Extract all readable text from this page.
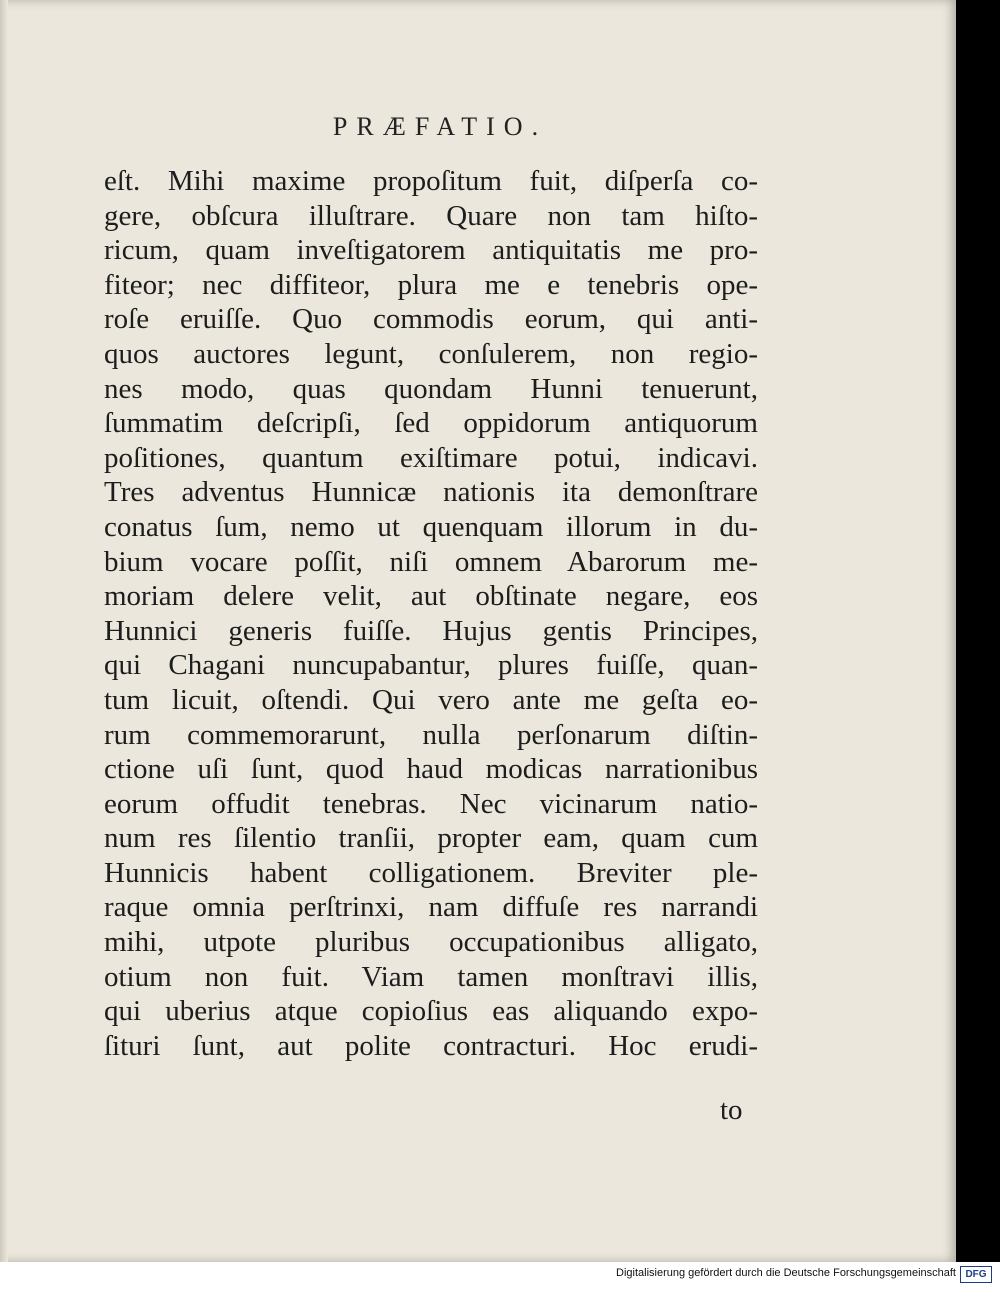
PRÆFATIO.
eſt. Mihi maxime propoſitum fuit, diſperſa co-
gere, obſcura illuſtrare. Quare non tam hiſto-
ricum, quam inveſtigatorem antiquitatis me pro-
fiteor; nec diffiteor, plura me e tenebris ope-
roſe eruiſſe. Quo commodis eorum, qui anti-
quos auctores legunt, conſulerem, non regio-
nes modo, quas quondam Hunni tenuerunt,
ſummatim deſcripſi, ſed oppidorum antiquorum
poſitiones, quantum exiſtimare potui, indicavi.
Tres adventus Hunnicæ nationis ita demonſtrare
conatus ſum, nemo ut quenquam illorum in du-
bium vocare poſſit, niſi omnem Abarorum me-
moriam delere velit, aut obſtinate negare, eos
Hunnici generis fuiſſe. Hujus gentis Principes,
qui Chagani nuncupabantur, plures fuiſſe, quan-
tum licuit, oſtendi. Qui vero ante me geſta eo-
rum commemorarunt, nulla perſonarum diſtin-
ctione uſi ſunt, quod haud modicas narrationibus
eorum offudit tenebras. Nec vicinarum natio-
num res ſilentio tranſii, propter eam, quam cum
Hunnicis habent colligationem. Breviter ple-
raque omnia perſtrinxi, nam diffuſe res narrandi
mihi, utpote pluribus occupationibus alligato,
otium non fuit. Viam tamen monſtravi illis,
qui uberius atque copioſius eas aliquando expo-
ſituri ſunt, aut polite contracturi. Hoc erudi-
to
Digitalisierung gefördert durch die Deutsche Forschungsgemeinschaft DFG
